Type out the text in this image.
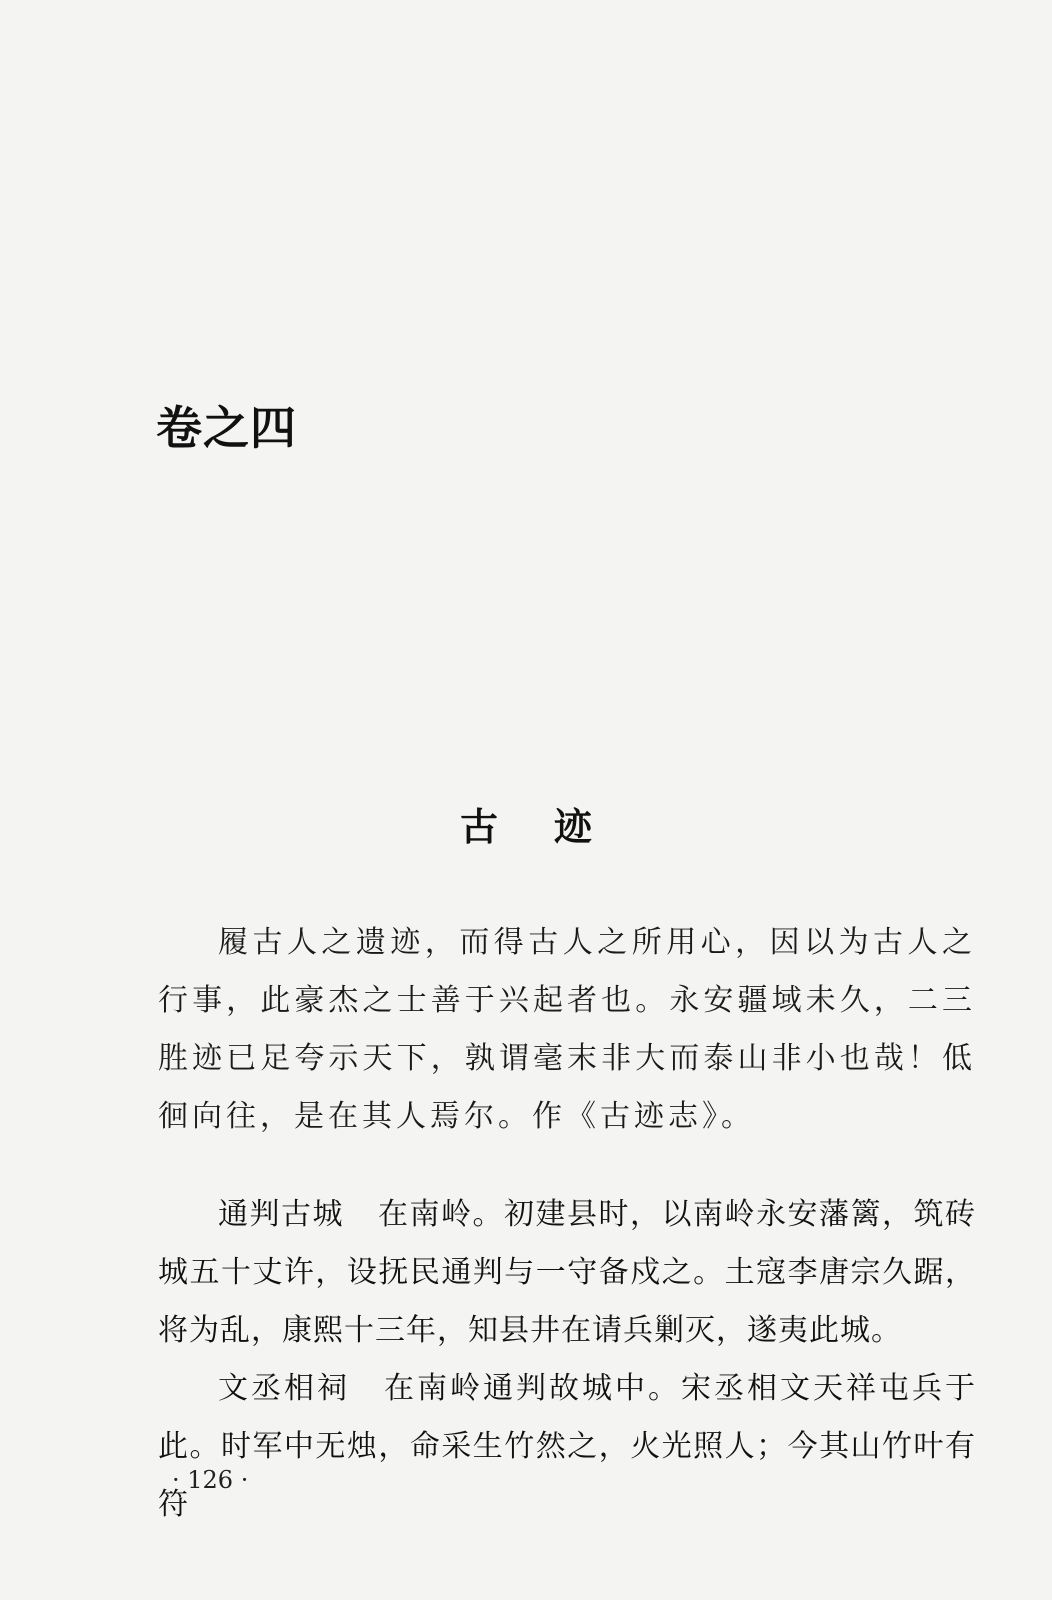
卷之四
古 迹

履古人之遗迹，而得古人之所用心，因以为古人之行事，此豪杰之士善于兴起者也。永安疆域未久，二三胜迹已足夸示天下，孰谓毫末非大而泰山非小也哉！低徊向往，是在其人焉尔。作《古迹志》。

通判古城 在南岭。初建县时，以南岭永安藩篱，筑砖城五十丈许，设抚民通判与一守备戍之。土寇李唐宗久踞，将为乱，康熙十三年，知县井在请兵剿灭，遂夷此城。

文丞相祠 在南岭通判故城中。宋丞相文天祥屯兵于此。时军中无烛，命采生竹然之，火光照人；今其山竹叶有符

· 126 ·
